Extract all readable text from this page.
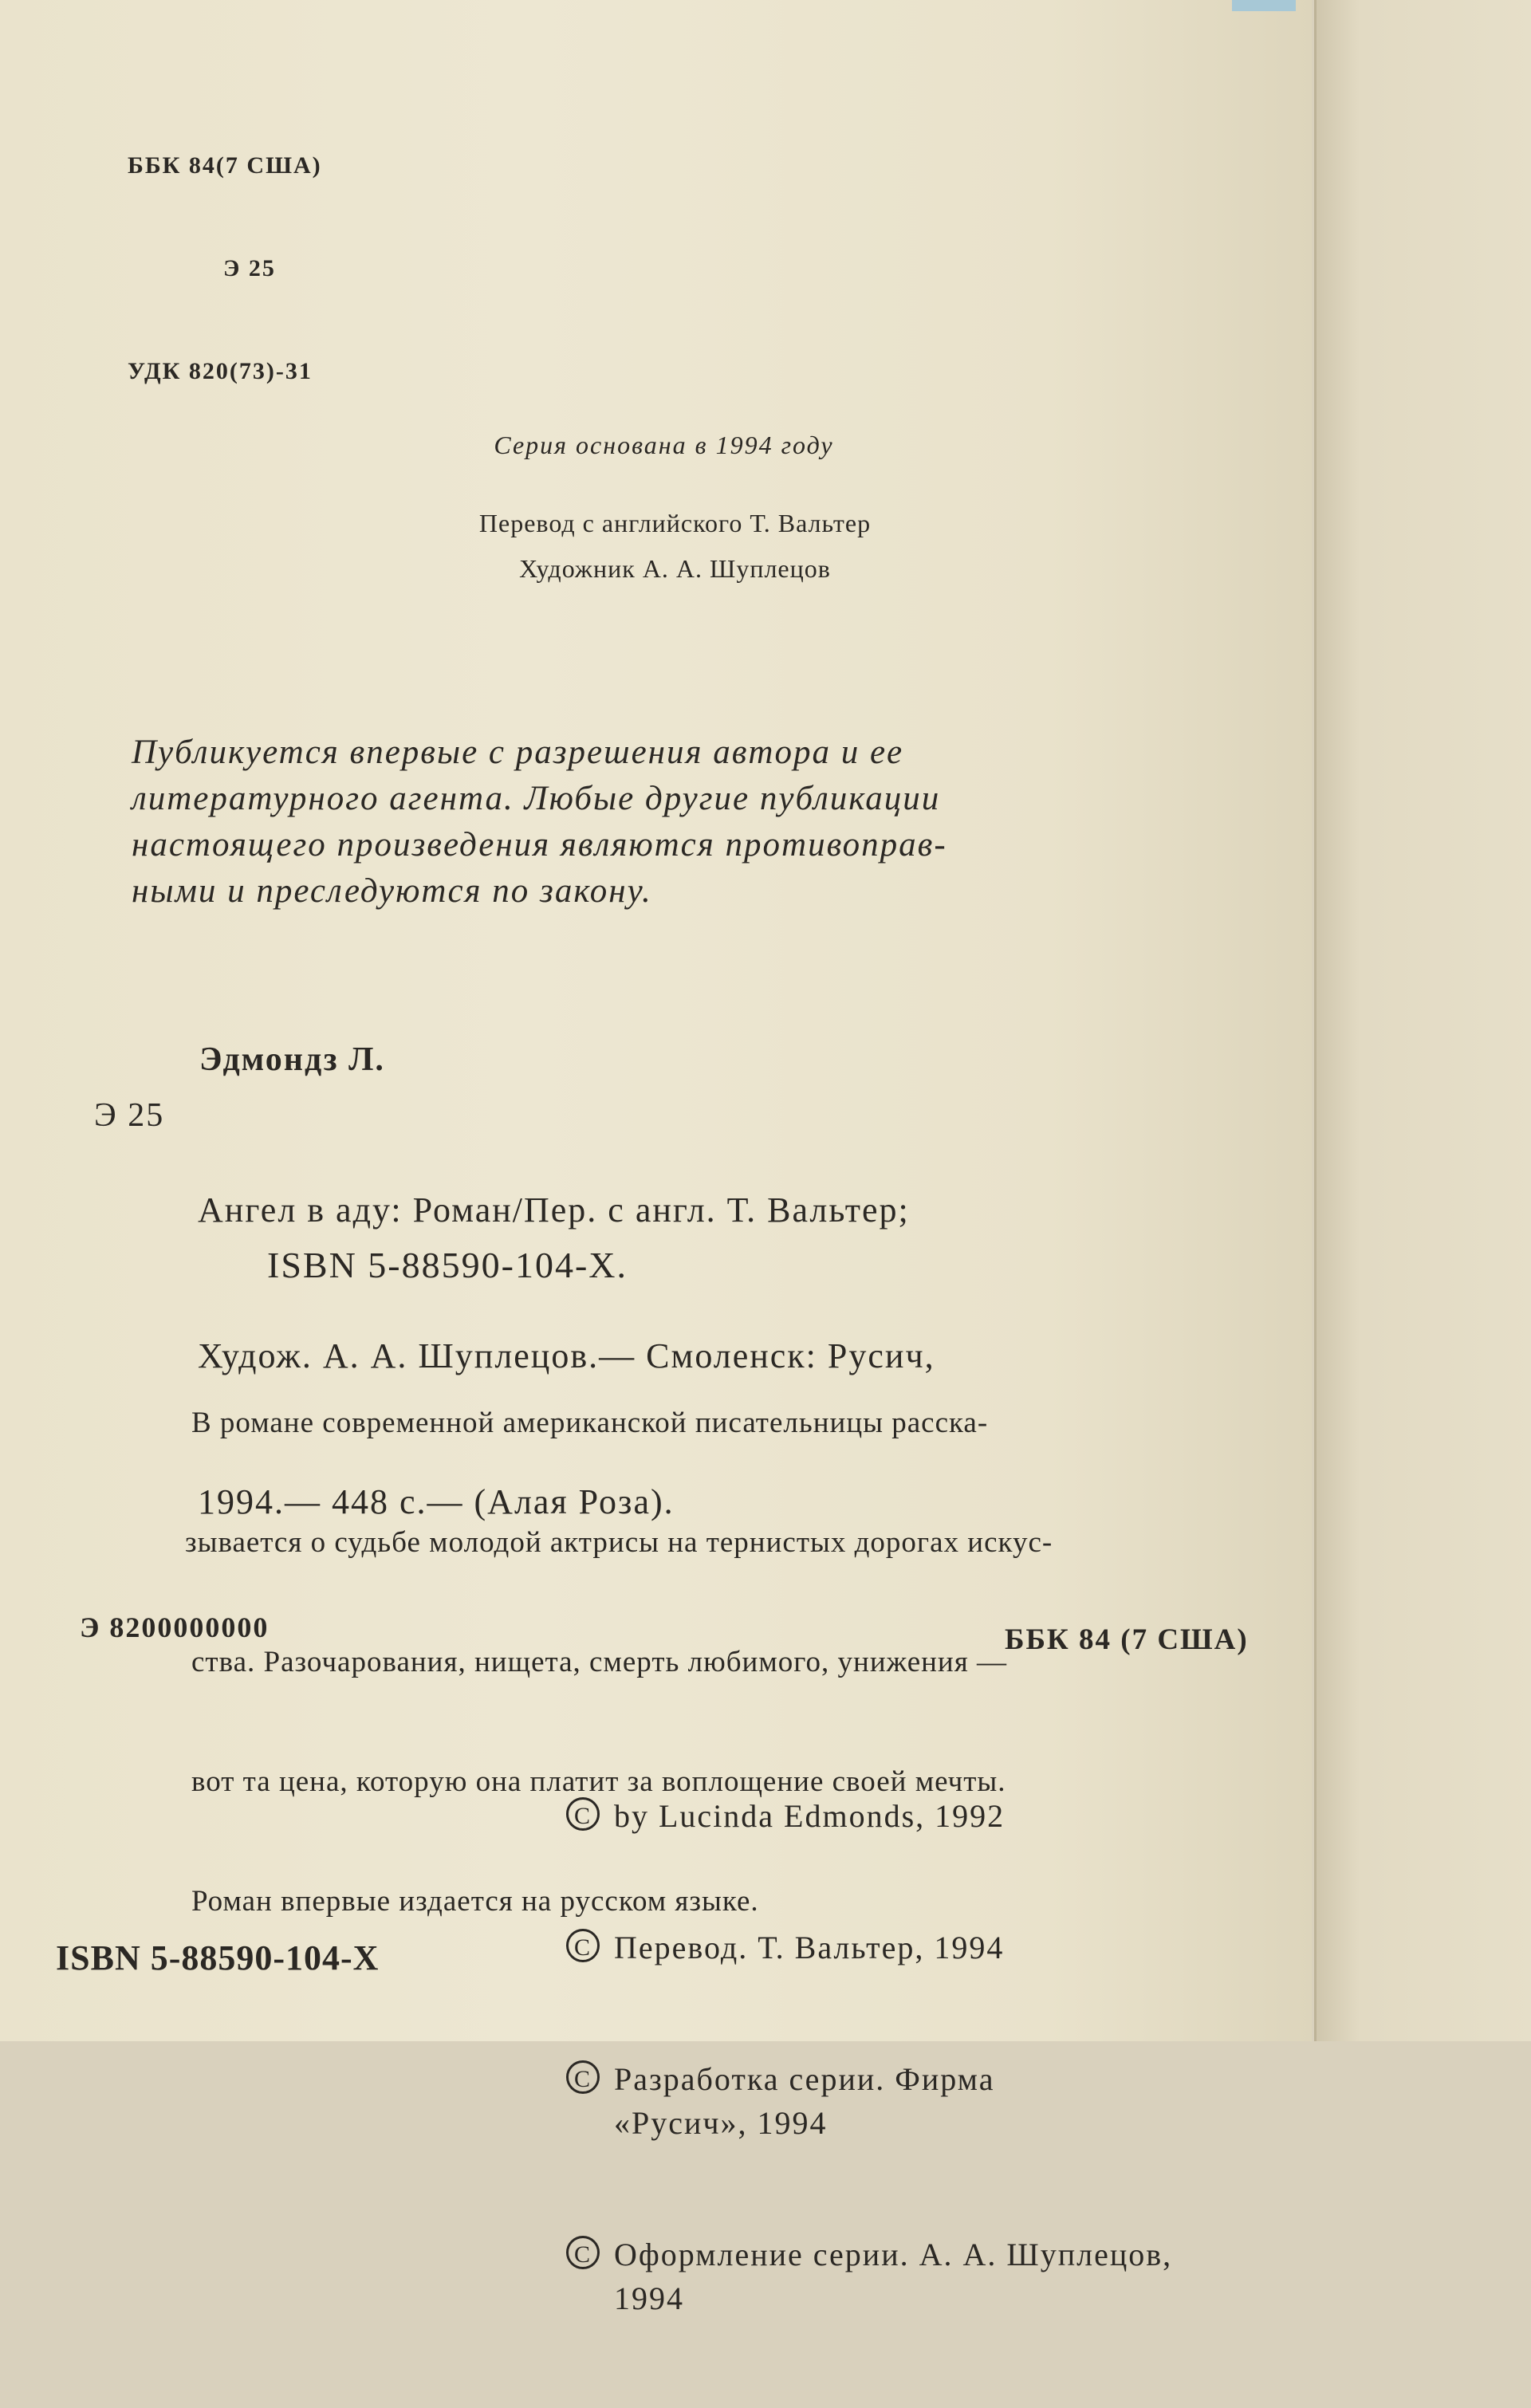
ББК 84(7 США)

Э 25

УДК 820(73)-31

Серия основана в 1994 году
Перевод с английского Т. Вальтер
Художник А. А. Шуплецов

Публикуется впервые с разрешения автора и ее

литературного агента. Любые другие публикации

настоящего произведения являются противоправ-

ными и преследуются по закону.

Эдмондз Л.
Э 25

Ангел в аду: Роман/Пер. с англ. Т. Вальтер;

Худож. А. А. Шуплецов.— Смоленск: Русич,

1994.— 448 с.— (Алая Роза).

ISBN 5-88590-104-Х.

В романе современной американской писательницы расска-

зывается о судьбе молодой актрисы на тернистых дорогах искус-

ства. Разочарования, нищета, смерть любимого, унижения —

вот та цена, которую она платит за воплощение своей мечты.

Роман впервые издается на русском языке.

Э 8200000000	ББК 84 (7 США)

C by Lucinda Edmonds, 1992

C Перевод. Т. Вальтер, 1994

C Разработка серии. Фирма
«Русич», 1994

C Оформление серии. А. А. Шуплецов,
1994

ISBN 5-88590-104-Х
